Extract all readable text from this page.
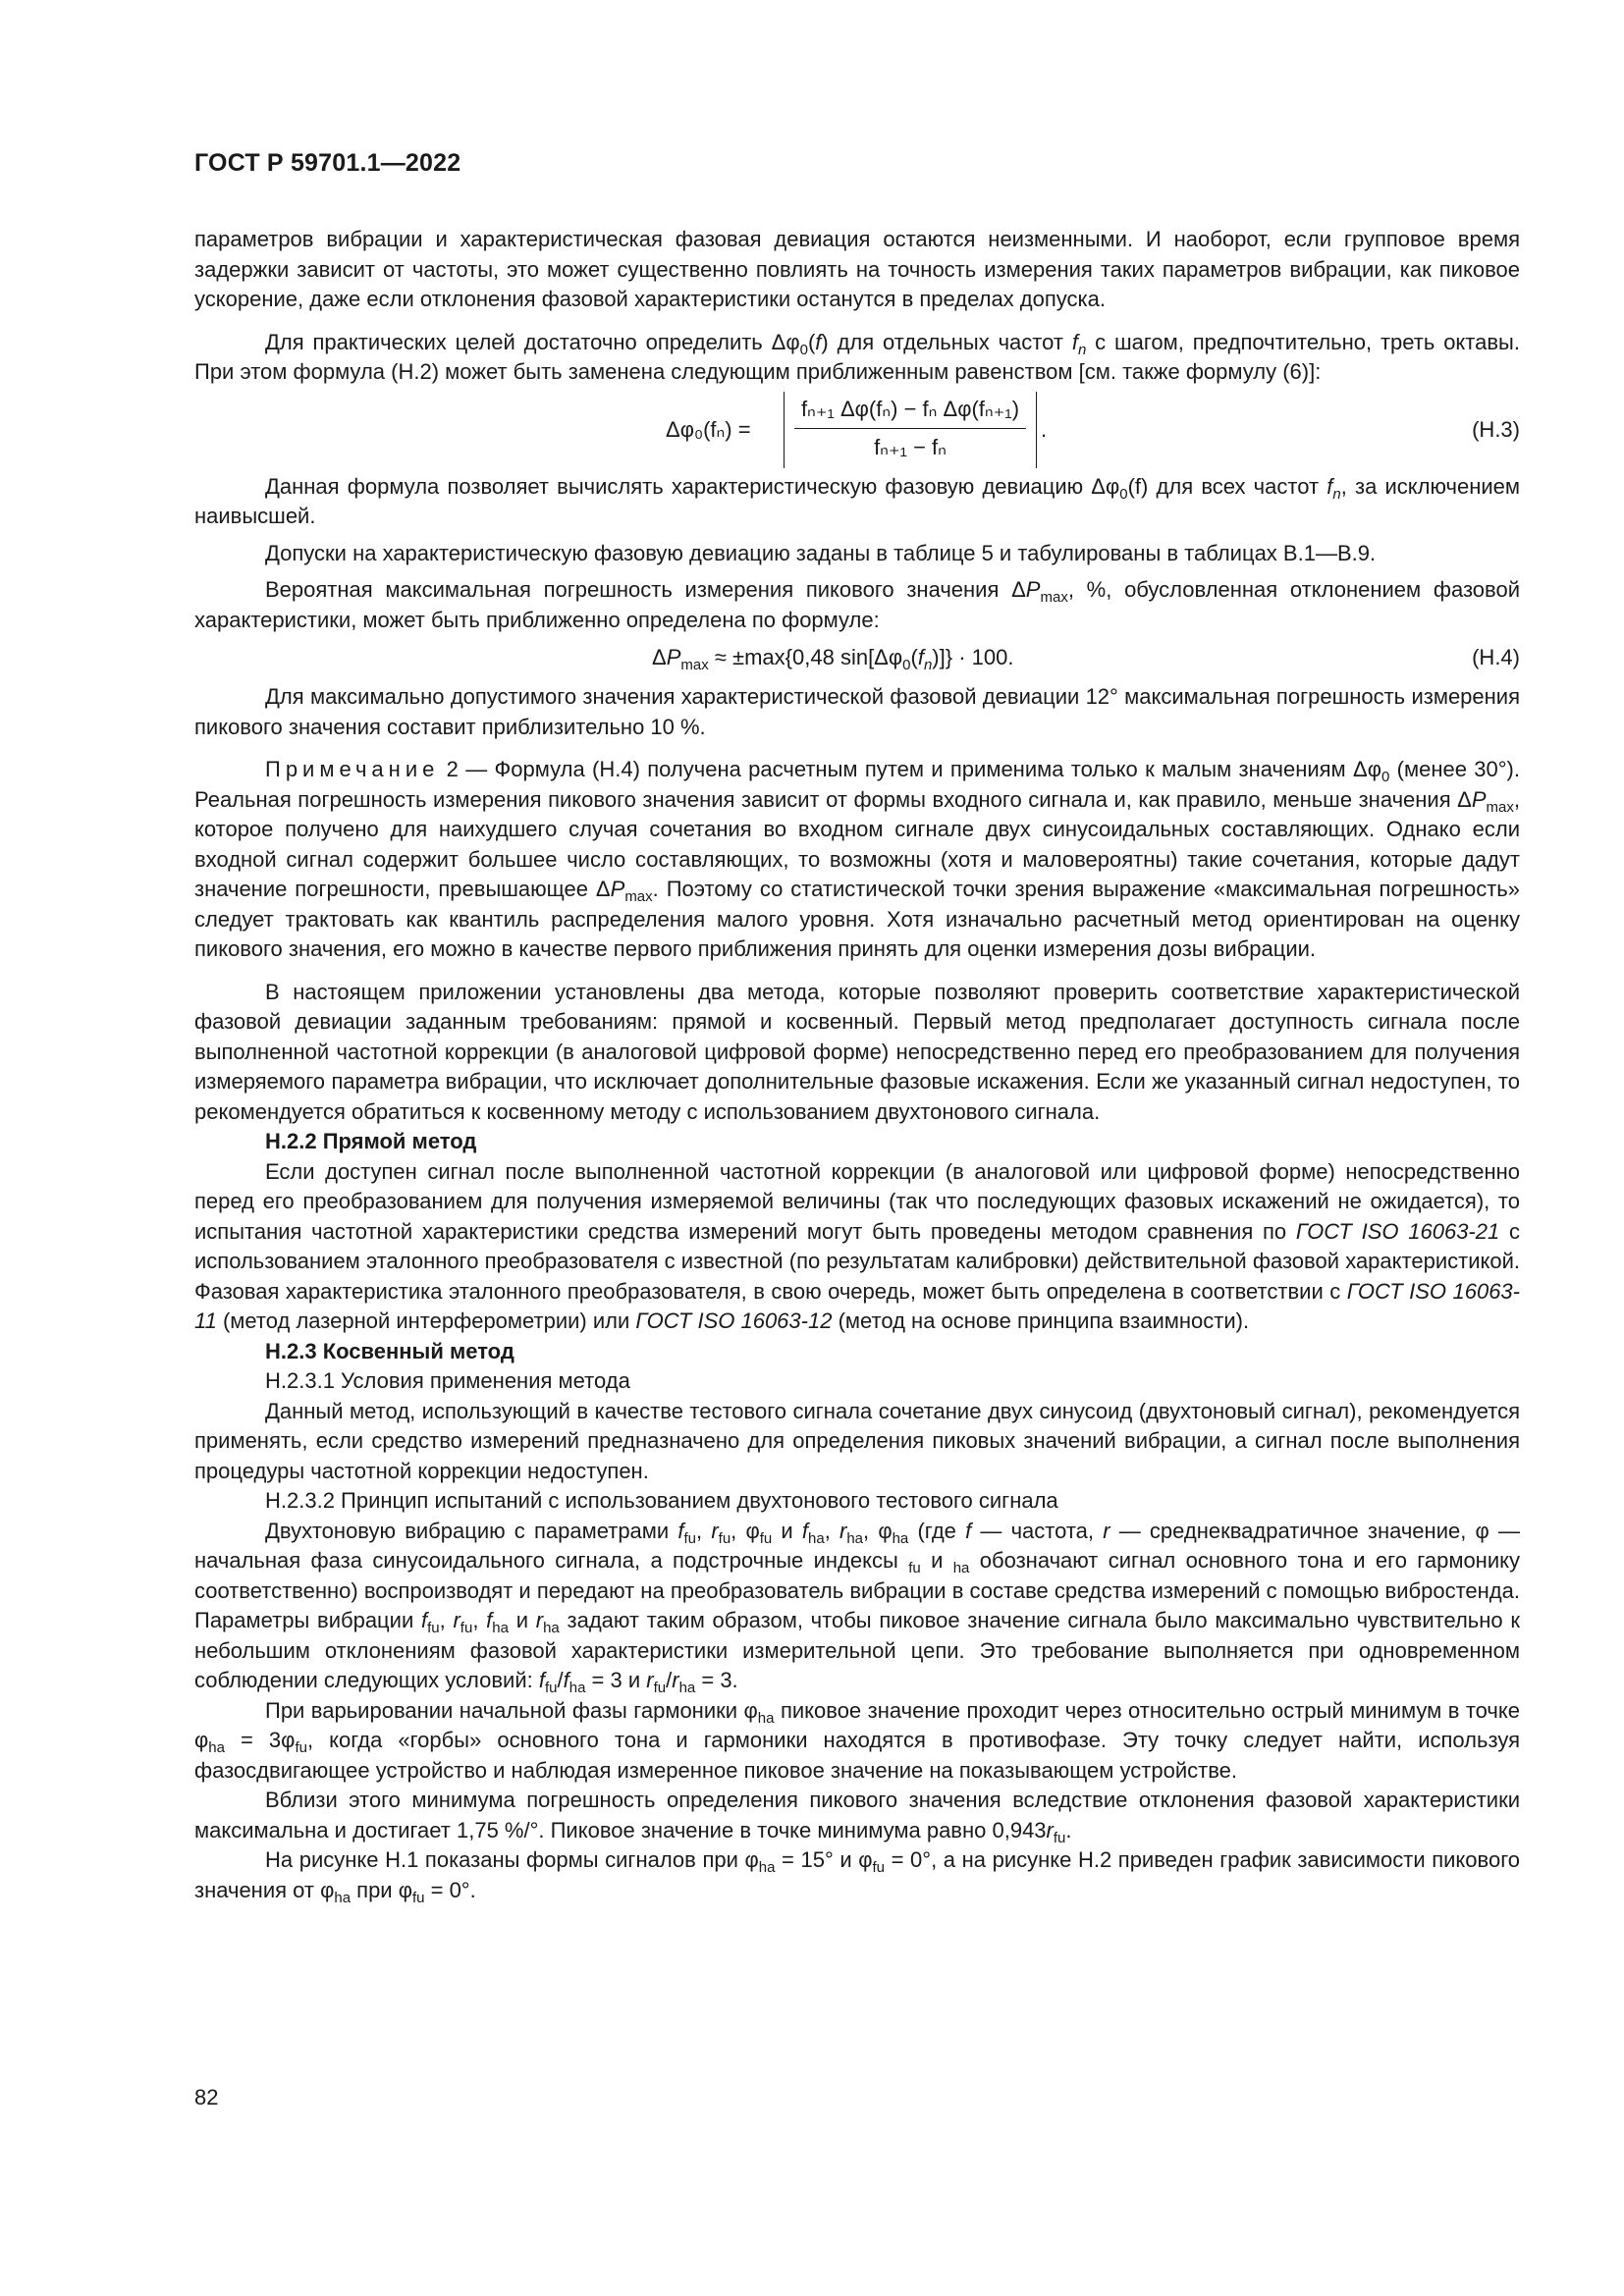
ГОСТ Р 59701.1—2022

параметров вибрации и характеристическая фазовая девиация остаются неизменными. И наоборот, если групповое время задержки зависит от частоты, это может существенно повлиять на точность измерения таких параметров вибрации, как пиковое ускорение, даже если отклонения фазовой характеристики останутся в пределах допуска.

Для практических целей достаточно определить $\Delta\varphi_0(f)$ для отдельных частот $f_n$ с шагом, предпочтительно, треть октавы. При этом формула (Н.2) может быть заменена следующим приближенным равенством [см. также формулу (6)]:

Δφ₀(fₙ) =
fₙ₊₁ Δφ(fₙ) − fₙ Δφ(fₙ₊₁)
fₙ₊₁ − fₙ
.	(Н.3)

Данная формула позволяет вычислять характеристическую фазовую девиацию $\Delta\varphi_0(f)$ для всех частот $f_n$, за исключением наивысшей.

Допуски на характеристическую фазовую девиацию заданы в таблице 5 и табулированы в таблицах В.1—В.9.

Вероятная максимальная погрешность измерения пикового значения $\Delta P_{max}$, %, обусловленная отклонением фазовой характеристики, может быть приближенно определена по формуле:

$\Delta P_{max} \approx \pm\max\{0,48$ $\sin[\Delta\varphi_0(f_n)]\} \cdot 100$.	(Н.4)

Для максимально допустимого значения характеристической фазовой девиации 12° максимальная погрешность измерения пикового значения составит приблизительно 10 %.

Примечание 2 — Формула (Н.4) получена расчетным путем и применима только к малым значениям $\Delta\varphi_0$ (менее 30°). Реальная погрешность измерения пикового значения зависит от формы входного сигнала и, как правило, меньше значения $\Delta P_{max}$, которое получено для наихудшего случая сочетания во входном сигнале двух синусоидальных составляющих. Однако если входной сигнал содержит большее число составляющих, то возможны (хотя и маловероятны) такие сочетания, которые дадут значение погрешности, превышающее $\Delta P_{max}$. Поэтому со статистической точки зрения выражение «максимальная погрешность» следует трактовать как квантиль распределения малого уровня. Хотя изначально расчетный метод ориентирован на оценку пикового значения, его можно в качестве первого приближения принять для оценки измерения дозы вибрации.

В настоящем приложении установлены два метода, которые позволяют проверить соответствие характеристической фазовой девиации заданным требованиям: прямой и косвенный. Первый метод предполагает доступность сигнала после выполненной частотной коррекции (в аналоговой цифровой форме) непосредственно перед его преобразованием для получения измеряемого параметра вибрации, что исключает дополнительные фазовые искажения. Если же указанный сигнал недоступен, то рекомендуется обратиться к косвенному методу с использованием двухтонового сигнала.

Н.2.2 Прямой метод

Если доступен сигнал после выполненной частотной коррекции (в аналоговой или цифровой форме) непосредственно перед его преобразованием для получения измеряемой величины (так что последующих фазовых искажений не ожидается), то испытания частотной характеристики средства измерений могут быть проведены методом сравнения по ГОСТ ISO 16063-21 с использованием эталонного преобразователя с известной (по результатам калибровки) действительной фазовой характеристикой. Фазовая характеристика эталонного преобразователя, в свою очередь, может быть определена в соответствии с ГОСТ ISO 16063-11 (метод лазерной интерферометрии) или ГОСТ ISO 16063-12 (метод на основе принципа взаимности).

Н.2.3 Косвенный метод

Н.2.3.1 Условия применения метода

Данный метод, использующий в качестве тестового сигнала сочетание двух синусоид (двухтоновый сигнал), рекомендуется применять, если средство измерений предназначено для определения пиковых значений вибрации, а сигнал после выполнения процедуры частотной коррекции недоступен.

Н.2.3.2 Принцип испытаний с использованием двухтонового тестового сигнала

Двухтоновую вибрацию с параметрами $f_{fu}$, $r_{fu}$, $\varphi_{fu}$ и $f_{ha}$, $r_{ha}$, $\varphi_{ha}$ (где f — частота, r — среднеквадратичное значение, φ — начальная фаза синусоидального сигнала, а подстрочные индексы $_{fu}$ и $_{ha}$ обозначают сигнал основного тона и его гармонику соответственно) воспроизводят и передают на преобразователь вибрации в составе средства измерений с помощью вибростенда. Параметры вибрации $f_{fu}$, $r_{fu}$, $f_{ha}$ и $r_{ha}$ задают таким образом, чтобы пиковое значение сигнала было максимально чувствительно к небольшим отклонениям фазовой характеристики измерительной цепи. Это требование выполняется при одновременном соблюдении следующих условий: $f_{fu}/f_{ha} = 3$ и $r_{fu}/r_{ha} = 3$.

При варьировании начальной фазы гармоники $\varphi_{ha}$ пиковое значение проходит через относительно острый минимум в точке $\varphi_{ha} = 3\varphi_{fu}$, когда «горбы» основного тона и гармоники находятся в противофазе. Эту точку следует найти, используя фазосдвигающее устройство и наблюдая измеренное пиковое значение на показывающем устройстве.

Вблизи этого минимума погрешность определения пикового значения вследствие отклонения фазовой характеристики максимальна и достигает 1,75 %/°. Пиковое значение в точке минимума равно $0,943r_{fu}$.

На рисунке Н.1 показаны формы сигналов при $\varphi_{ha} = 15^\circ$ и $\varphi_{fu} = 0^\circ$, а на рисунке Н.2 приведен график зависимости пикового значения от $\varphi_{ha}$ при $\varphi_{fu} = 0^\circ$.

82
